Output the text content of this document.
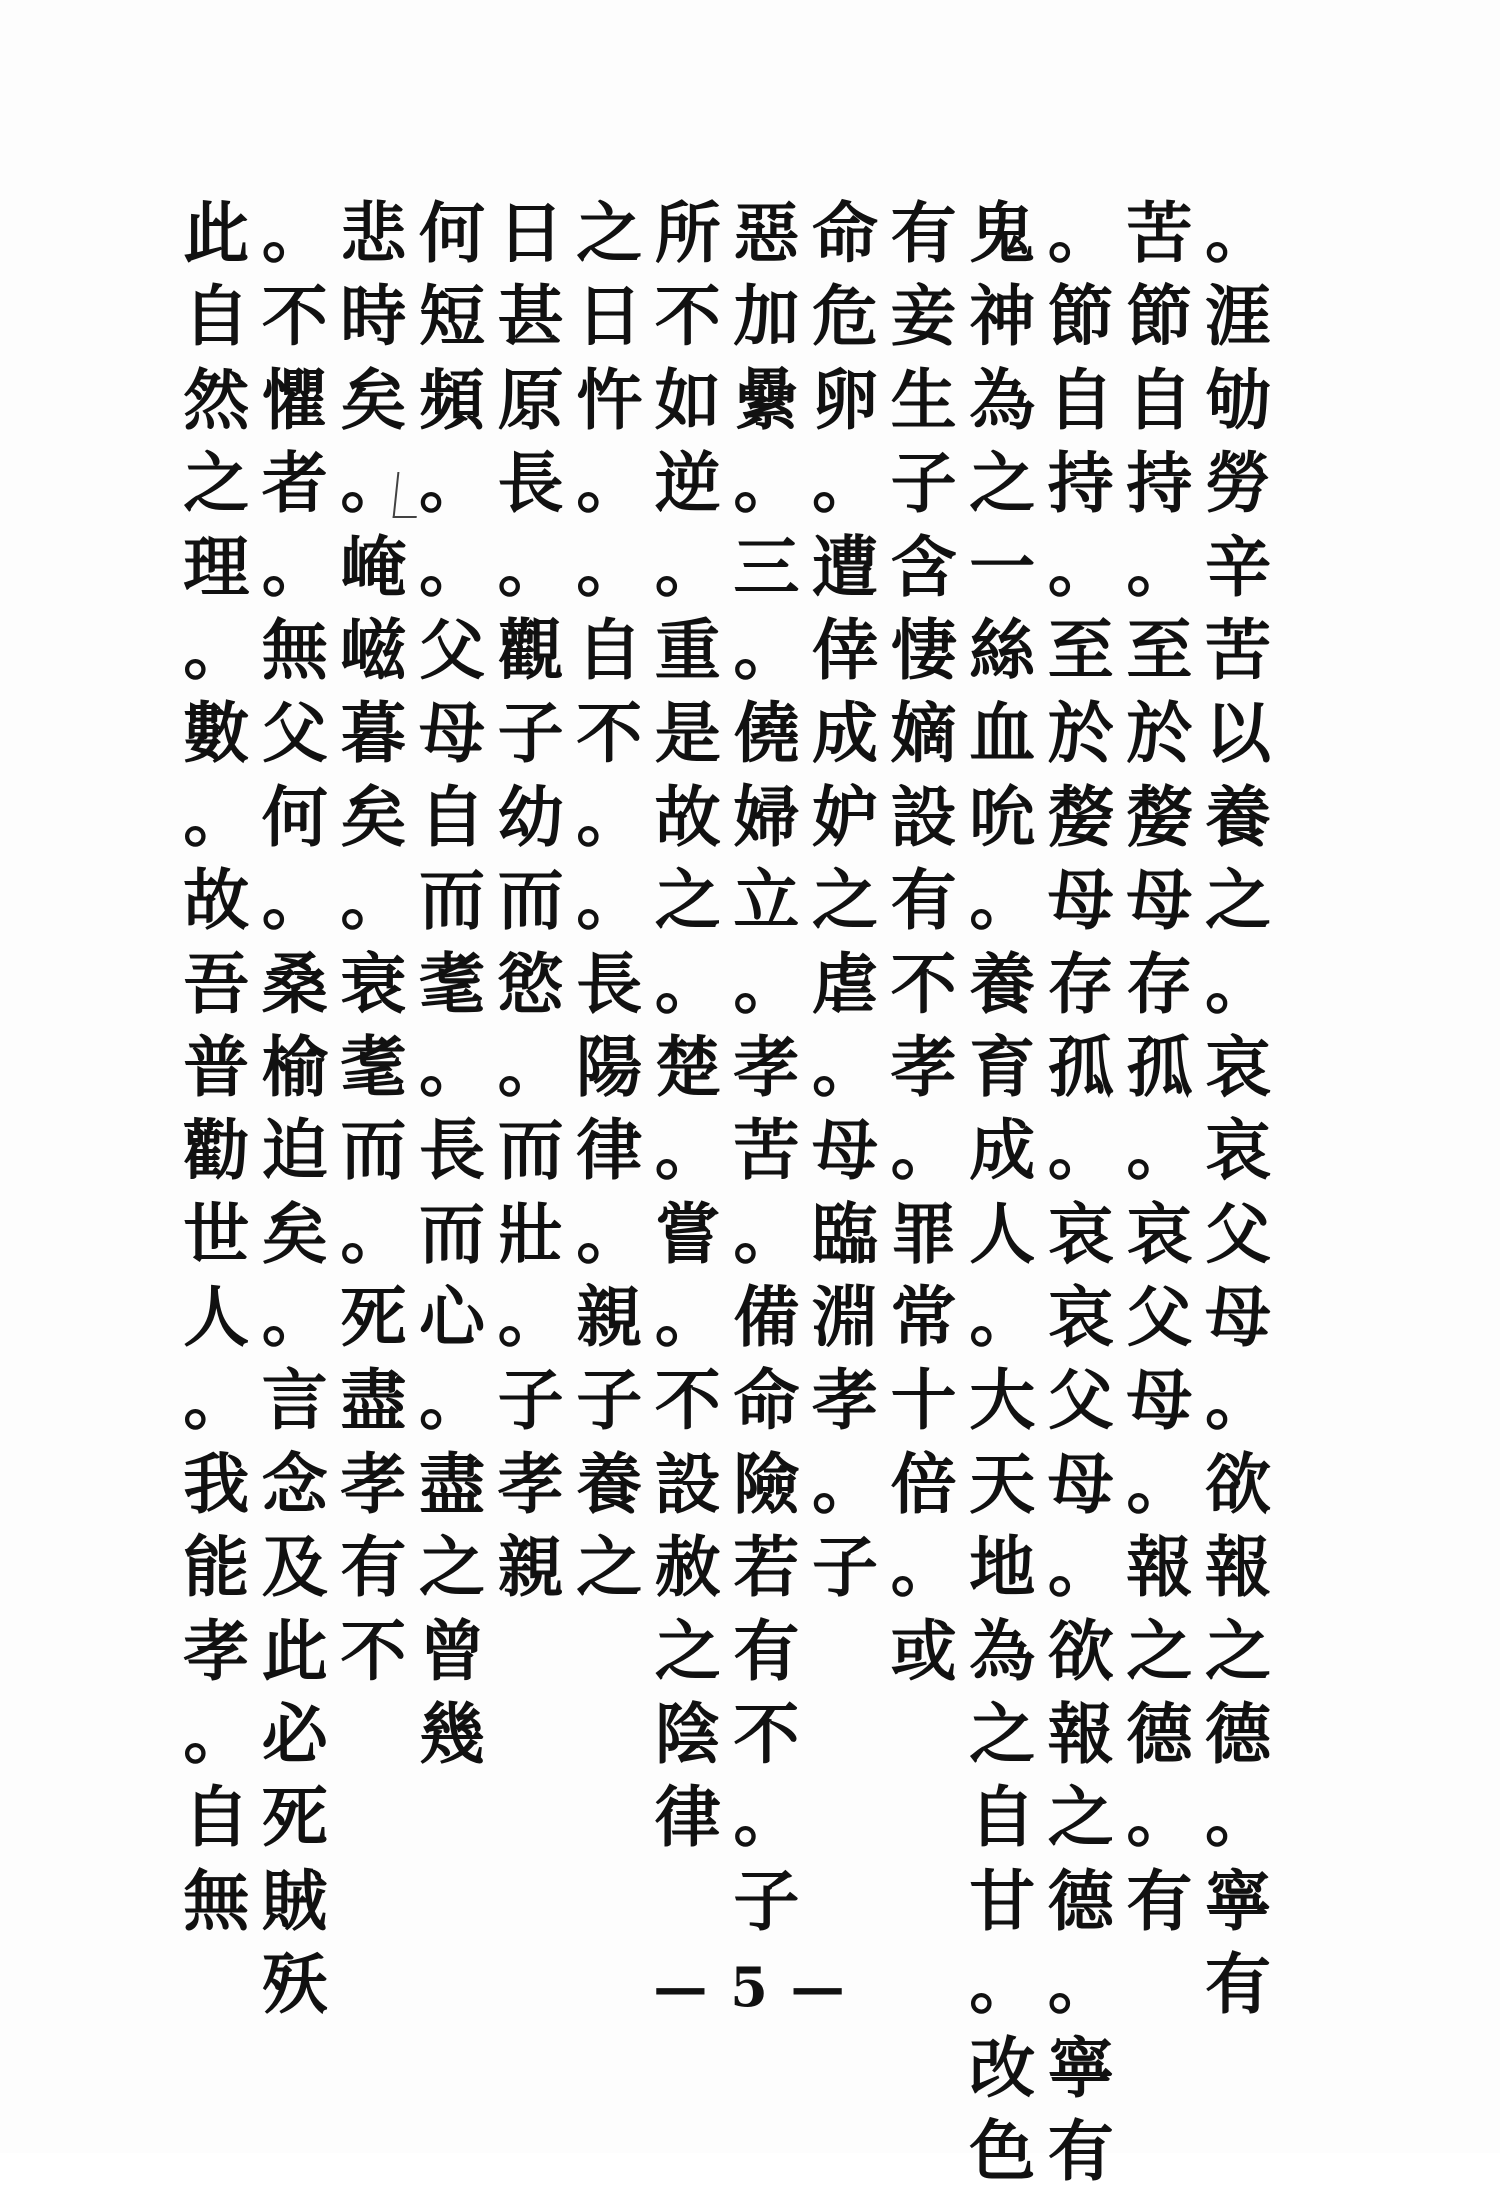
。
涯
劬
勞
辛
苦
以
養
之
。
哀
哀
父
母
。
欲
報
之
德
。
寧
有
苦
節
自
持
。
至
於
嫠
母
存
孤
。
哀
父
母
。
報
之
德
。
有
。
節
自
持
。
至
於
嫠
母
存
孤
。
哀
哀
父
母
。
欲
報
之
德
。
寧
有
鬼
神
為
之
一
絲
血
吮
。
養
育
成
人
。
大
天
地
為
之
自
甘
。
改
色
有
妾
生
子
含
悽
嫡
設
有
不
孝
。
罪
常
十
倍
。
或
命
危
卵
。
遭
倖
成
妒
之
虐
。
母
臨
淵
孝
。
子
惡
加
纍
。
三
。
僥
婦
立
。
孝
苦
。
備
命
險
若
有
不
。
子
所
不
如
逆
。
重
是
故
之
。
楚
。
嘗
。
不
設
赦
之
陰
律
之
日
忤
。
。
自
不
。
。
長
陽
律
。
親
子
養
之
日
甚
原
長
。
觀
子
幼
而
慾
。
而
壯
。
子
孝
親
何
短
頻
。
。
父
母
自
而
耄
。
長
而
心
。
盡
之
曾
幾
悲
時
矣
。
崦
嵫
暮
矣
。
衰
耄
而
。
死
盡
孝
有
不
。
不
懼
者
。
無
父
何
。
桑
榆
迫
矣
。
言
念
及
此
必
死
賊
殀
此
自
然
之
理
。
數
。
故
吾
普
勸
世
人
。
我
能
孝
。
自
無
— 5 —
